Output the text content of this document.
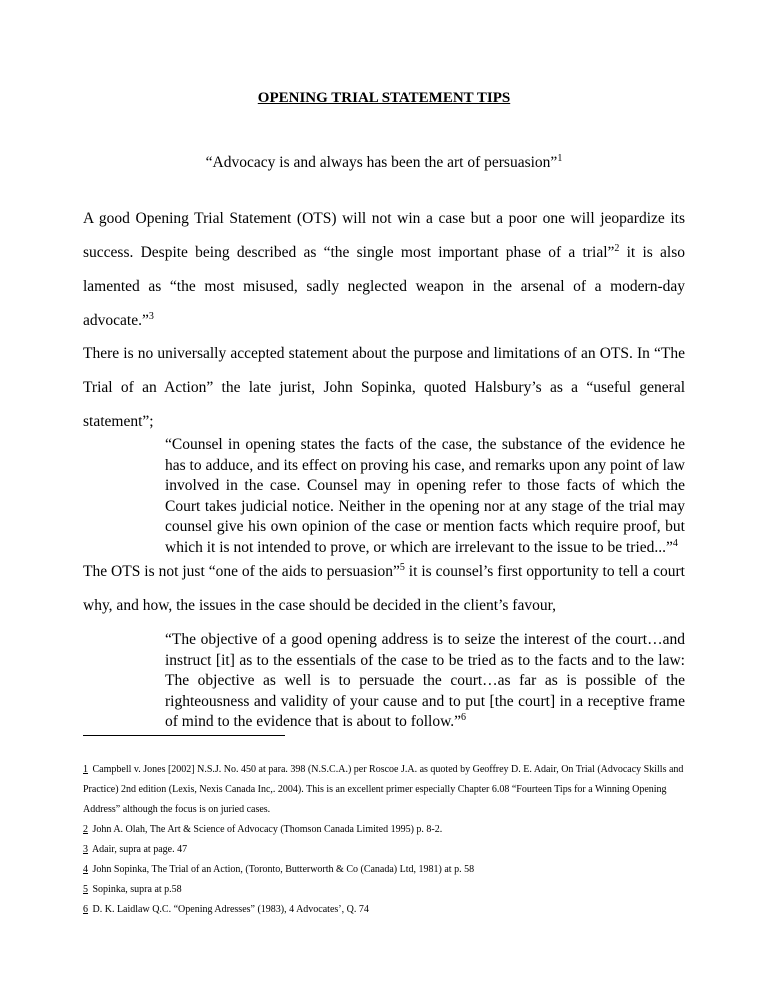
OPENING TRIAL STATEMENT TIPS
“Advocacy is and always has been the art of persuasion”$^1$
A good Opening Trial Statement (OTS) will not win a case but a poor one will jeopardize its success. Despite being described as “the single most important phase of a trial”$^2$ it is also lamented as “the most misused, sadly neglected weapon in the arsenal of a modern-day advocate.”$^3$
There is no universally accepted statement about the purpose and limitations of an OTS. In “The Trial of an Action” the late jurist, John Sopinka, quoted Halsbury’s as a “useful general statement”;
“Counsel in opening states the facts of the case, the substance of the evidence he has to adduce, and its effect on proving his case, and remarks upon any point of law involved in the case. Counsel may in opening refer to those facts of which the Court takes judicial notice. Neither in the opening nor at any stage of the trial may counsel give his own opinion of the case or mention facts which require proof, but which it is not intended to prove, or which are irrelevant to the issue to be tried...”$^4$
The OTS is not just “one of the aids to persuasion”$^5$ it is counsel’s first opportunity to tell a court why, and how, the issues in the case should be decided in the client’s favour,
“The objective of a good opening address is to seize the interest of the court…and instruct [it] as to the essentials of the case to be tried as to the facts and to the law: The objective as well is to persuade the court…as far as is possible of the righteousness and validity of your cause and to put [the court] in a receptive frame of mind to the evidence that is about to follow.”$^6$

1 Campbell v. Jones [2002] N.S.J. No. 450 at para. 398 (N.S.C.A.) per Roscoe J.A. as quoted by Geoffrey D. E. Adair, On Trial (Advocacy Skills and Practice) 2nd edition (Lexis, Nexis Canada Inc,. 2004). This is an excellent primer especially Chapter 6.08 “Fourteen Tips for a Winning Opening Address” although the focus is on juried cases.

2 John A. Olah, The Art & Science of Advocacy (Thomson Canada Limited 1995) p. 8-2.

3 Adair, supra at page. 47

4 John Sopinka, The Trial of an Action, (Toronto, Butterworth & Co (Canada) Ltd, 1981) at p. 58

5 Sopinka, supra at p.58

6 D. K. Laidlaw Q.C. “Opening Adresses” (1983), 4 Advocates’, Q. 74
